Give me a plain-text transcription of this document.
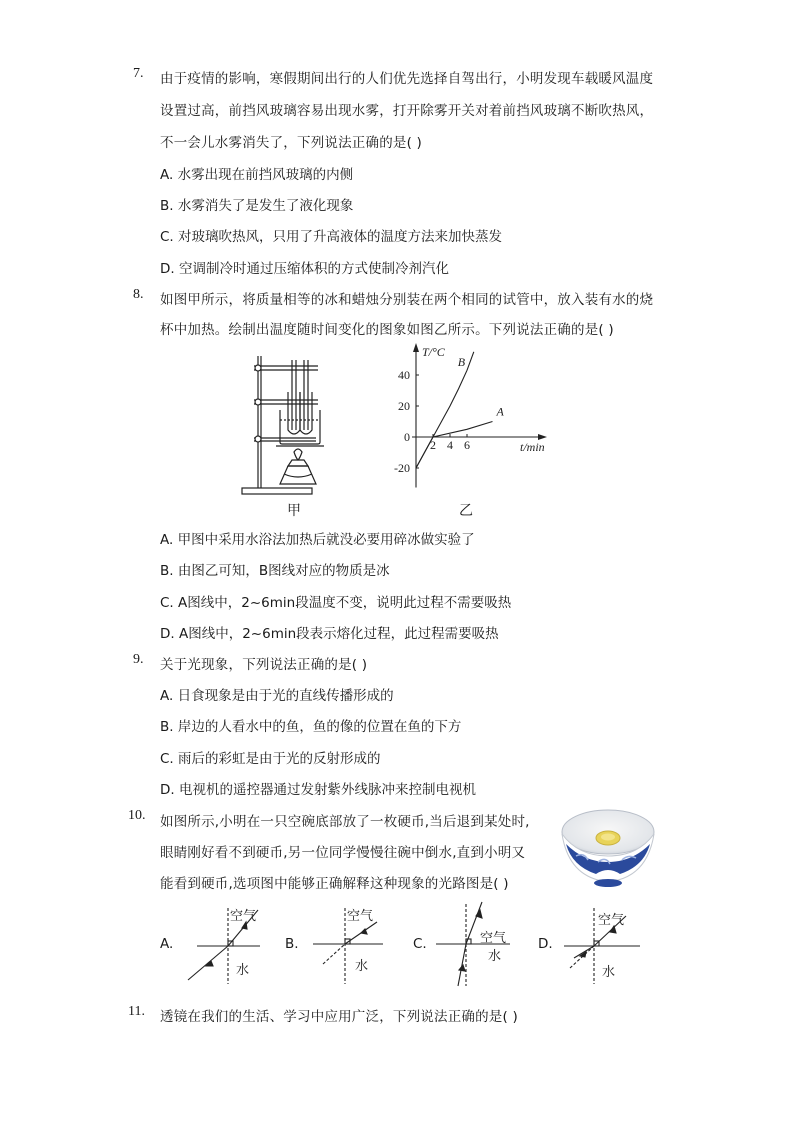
7. 由于疫情的影响，寒假期间出行的人们优先选择自驾出行，小明发现车载暖风温度
设置过高，前挡风玻璃容易出现水雾，打开除雾开关对着前挡风玻璃不断吹热风，
不一会儿水雾消失了，下列说法正确的是( )
A. 水雾出现在前挡风玻璃的内侧
B. 水雾消失了是发生了液化现象
C. 对玻璃吹热风，只用了升高液体的温度方法来加快蒸发
D. 空调制冷时通过压缩体积的方式使制冷剂汽化
8. 如图甲所示，将质量相等的冰和蜡烛分别装在两个相同的试管中，放入装有水的烧
杯中加热。绘制出温度随时间变化的图象如图乙所示。下列说法正确的是( )
甲
40
20
0
-20
2 4 6
T/°C
t/min
B
A
乙
A. 甲图中采用水浴法加热后就没必要用碎冰做实验了
B. 由图乙可知，B图线对应的物质是冰
C. A图线中，2~6min段温度不变，说明此过程不需要吸热
D. A图线中，2~6min段表示熔化过程，此过程需要吸热
9. 关于光现象，下列说法正确的是( )
A. 日食现象是由于光的直线传播形成的
B. 岸边的人看水中的鱼，鱼的像的位置在鱼的下方
C. 雨后的彩虹是由于光的反射形成的
D. 电视机的遥控器通过发射紫外线脉冲来控制电视机
10. 如图所示,小明在一只空碗底部放了一枚硬币,当后退到某处时,
眼睛刚好看不到硬币,另一位同学慢慢往碗中倒水,直到小明又
能看到硬币,选项图中能够正确解释这种现象的光路图是( )
A.
空气
水
B.
空气
水
C.	空气
水
D.
空气
水
11. 透镜在我们的生活、学习中应用广泛，下列说法正确的是( )
